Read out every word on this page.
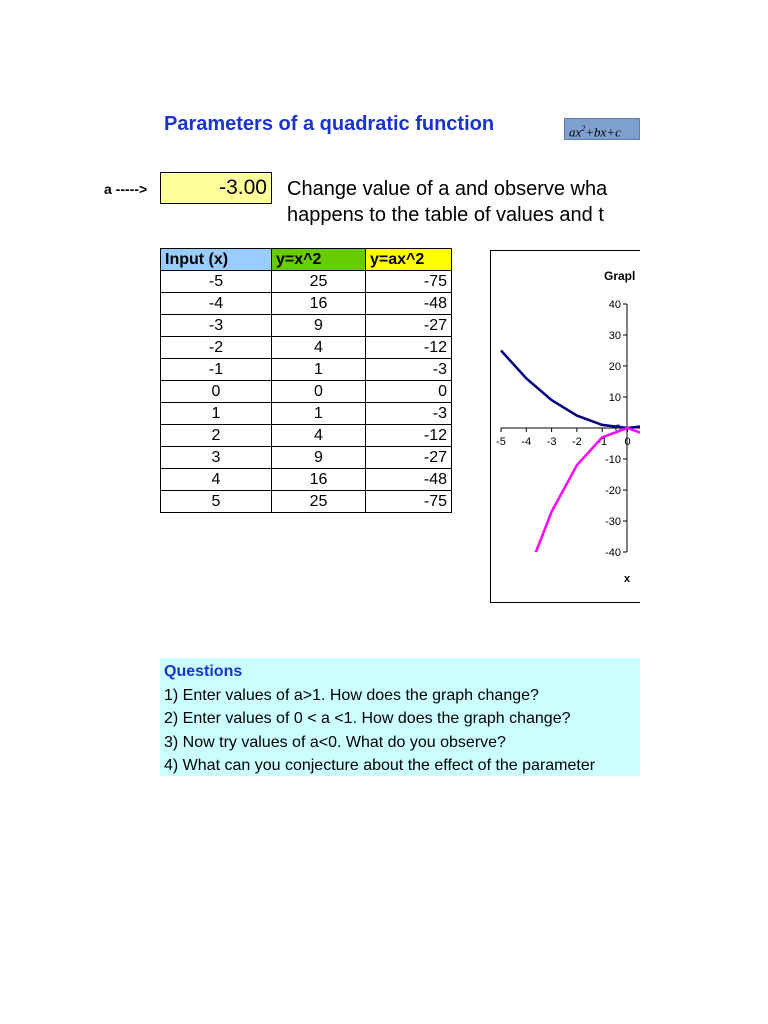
Parameters of a quadratic function	$ax^2+bx+c$
a ----->	-3.00 Change value of a and observe wha
happens to the table of values and t
Input (x)	y=x^2	y=ax^2
-5	25	-75
-4	16	-48
-3	9	-27
-2	4	-12
-1	1	-3
0	0	0
1	1	-3
2	4	-12
3	9	-27
4	16	-48
5	25	-75
Grapl
40
30
20
10
0
-10
-20
-30
-40
-5 -4 -3 -2 -1 0
x
Questions
1) Enter values of a>1. How does the graph change?
2) Enter values of 0 < a <1. How does the graph change?
3) Now try values of a<0. What do you observe?
4) What can you conjecture about the effect of the parameter
